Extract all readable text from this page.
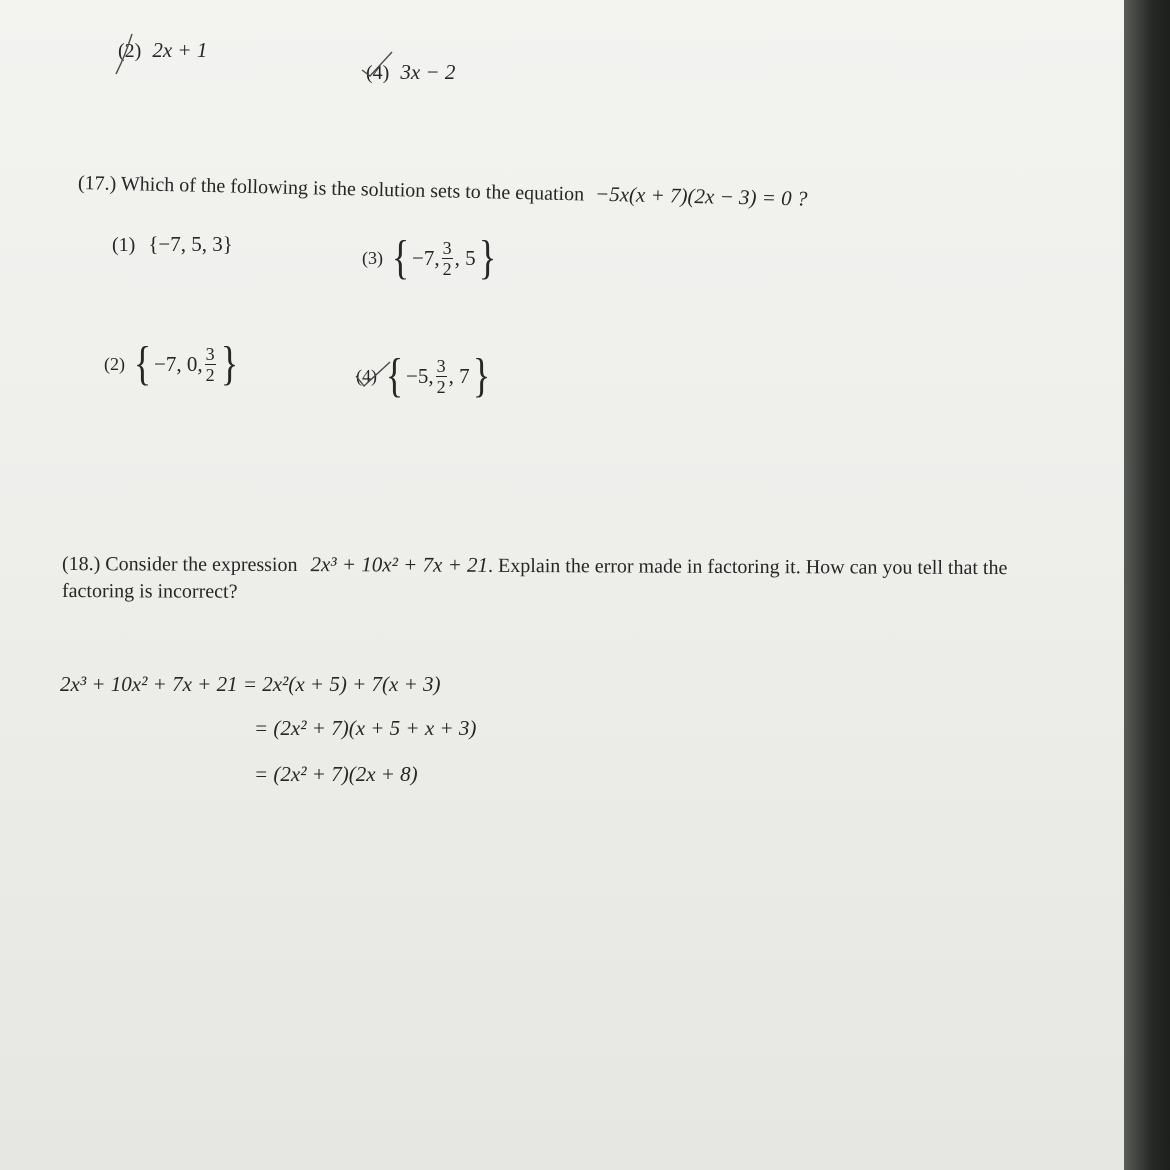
(2) 2x + 1
(4) 3x − 2
(17.) Which of the following is the solution sets to the equation −5x(x + 7)(2x − 3) = 0 ?
(1) {−7, 5, 3}
(3) { −7, $\frac{3}{2}$ , 5 }
(2) { −7, 0, $\frac{3}{2}$ }	(4) { −5, $\frac{3}{2}$ , 7 }
(18.) Consider the expression 2x³ + 10x² + 7x + 21. Explain the error made in factoring it. How can you tell that the
factoring is incorrect?
2x³ + 10x² + 7x + 21 = 2x²(x + 5) + 7(x + 3)
= (2x² + 7)(x + 5 + x + 3)
= (2x² + 7)(2x + 8)
